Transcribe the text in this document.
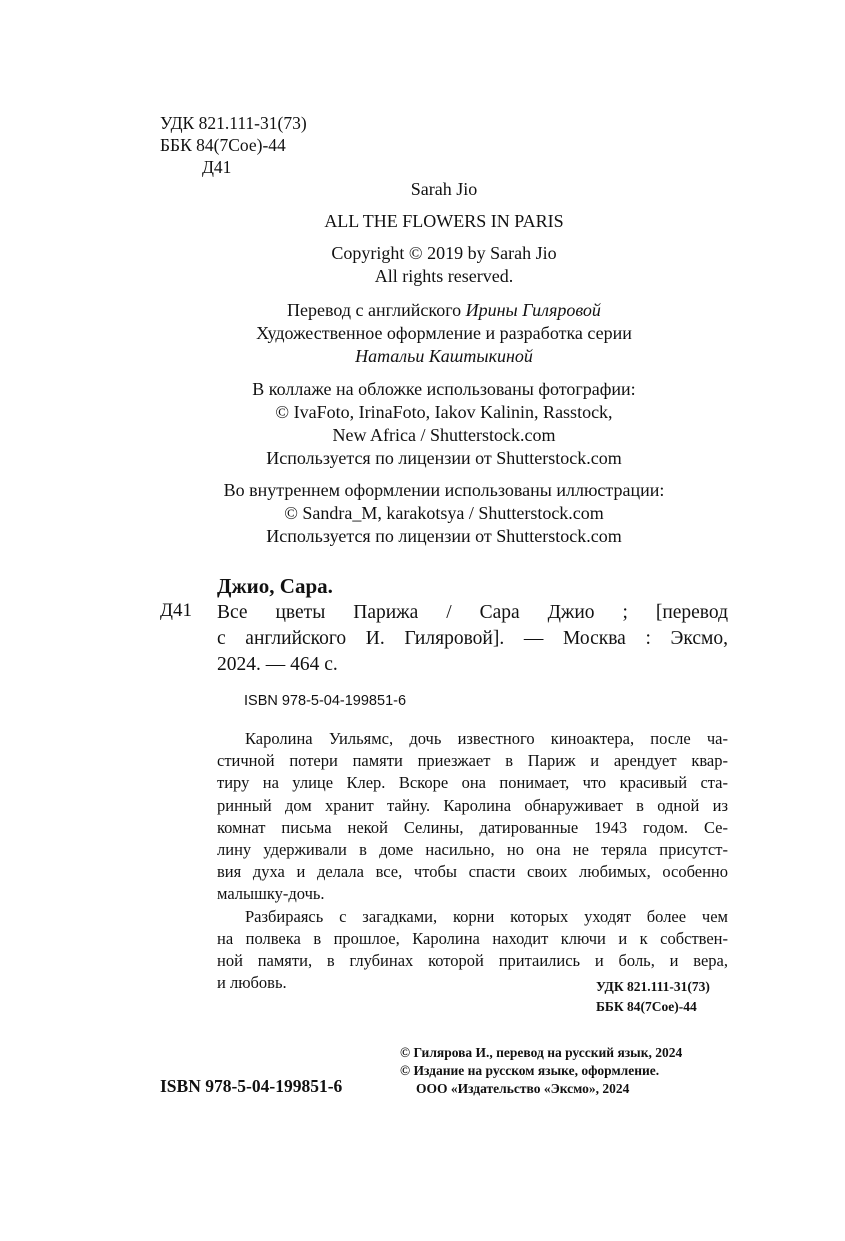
УДК 821.111-31(73)
ББК 84(7Сое)-44
Д41
Sarah Jio
ALL THE FLOWERS IN PARIS
Copyright © 2019 by Sarah Jio
All rights reserved.
Перевод с английского Ирины Гиляровой
Художественное оформление и разработка серии
Натальи Каштыкиной
В коллаже на обложке использованы фотографии:
© IvaFoto, IrinaFoto, Iakov Kalinin, Rasstock,
New Africa / Shutterstock.com
Используется по лицензии от Shutterstock.com
Во внутреннем оформлении использованы иллюстрации:
© Sandra_M, karakotsya / Shutterstock.com
Используется по лицензии от Shutterstock.com
Джио, Сара.
Д41 Все цветы Парижа / Сара Джио ; [перевод
с английского И. Гиляровой]. — Москва : Эксмо,
2024. — 464 с.
ISBN 978-5-04-199851-6
Каролина Уильямс, дочь известного киноактера, после ча-
стичной потери памяти приезжает в Париж и арендует квар-
тиру на улице Клер. Вскоре она понимает, что красивый ста-
ринный дом хранит тайну. Каролина обнаруживает в одной из
комнат письма некой Селины, датированные 1943 годом. Се-
лину удерживали в доме насильно, но она не теряла присутст-
вия духа и делала все, чтобы спасти своих любимых, особенно
малышку-дочь.
Разбираясь с загадками, корни которых уходят более чем
на полвека в прошлое, Каролина находит ключи и к собствен-
ной памяти, в глубинах которой притаились и боль, и вера,
и любовь.	УДК 821.111-31(73)
ББК 84(7Сое)-44
© Гилярова И., перевод на русский язык, 2024
© Издание на русском языке, оформление.
ООО «Издательство «Эксмо», 2024
ISBN 978-5-04-199851-6
